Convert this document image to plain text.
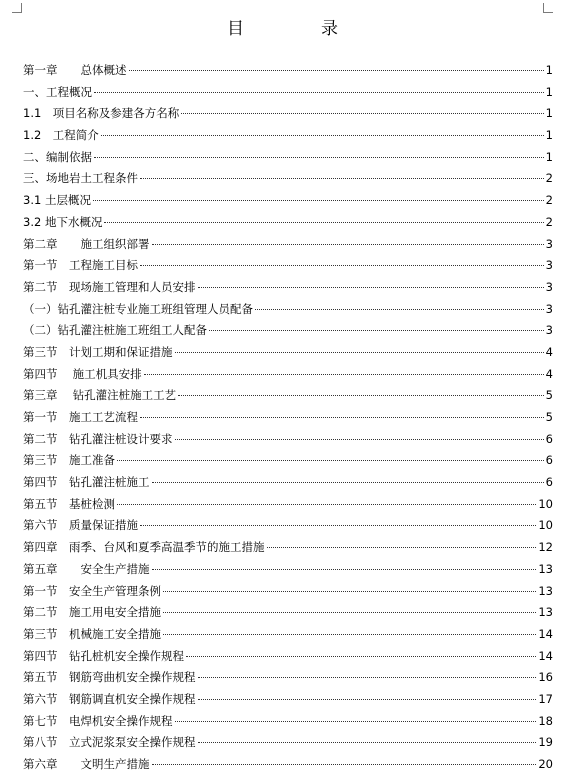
目　录
第一章　　总体概述	1
一、工程概况	1
1.1　项目名称及参建各方名称	1
1.2　工程简介	1
二、编制依据	1
三、场地岩土工程条件	2
3.1 土层概况	2
3.2 地下水概况	2
第二章　　施工组织部署	3
第一节　工程施工目标	3
第二节　现场施工管理和人员安排	3
（一）钻孔灌注桩专业施工班组管理人员配备	3
（二）钻孔灌注桩施工班组工人配备	3
第三节　计划工期和保证措施	4
第四节　 施工机具安排	4
第三章　 钻孔灌注桩施工工艺	5
第一节　施工工艺流程	5
第二节　钻孔灌注桩设计要求	6
第三节　施工准备	6
第四节　钻孔灌注桩施工	6
第五节　基桩检测	10
第六节　质量保证措施	10
第四章　雨季、台风和夏季高温季节的施工措施	12
第五章　　安全生产措施	13
第一节　安全生产管理条例	13
第二节　施工用电安全措施	13
第三节　机械施工安全措施	14
第四节　钻孔桩机安全操作规程	14
第五节　钢筋弯曲机安全操作规程	16
第六节　钢筋调直机安全操作规程	17
第七节　电焊机安全操作规程	18
第八节　立式泥浆泵安全操作规程	19
第六章　　文明生产措施	20
